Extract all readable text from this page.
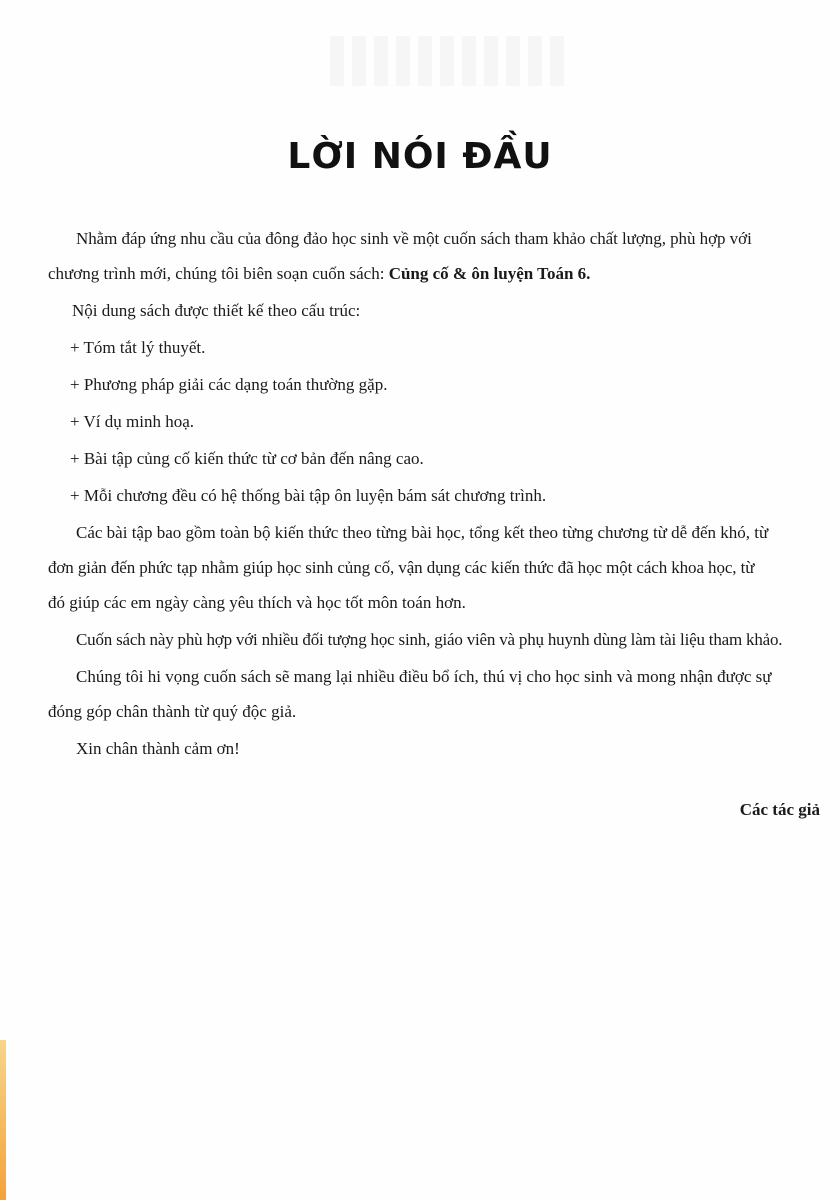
LỜI NÓI ĐẦU

Nhằm đáp ứng nhu cầu của đông đảo học sinh về một cuốn sách tham khảo chất lượng, phù hợp với

chương trình mới, chúng tôi biên soạn cuốn sách: Củng cố & ôn luyện Toán 6.

Nội dung sách được thiết kế theo cấu trúc:

+ Tóm tắt lý thuyết.

+ Phương pháp giải các dạng toán thường gặp.

+ Ví dụ minh hoạ.

+ Bài tập củng cố kiến thức từ cơ bản đến nâng cao.

+ Mỗi chương đều có hệ thống bài tập ôn luyện bám sát chương trình.

Các bài tập bao gồm toàn bộ kiến thức theo từng bài học, tổng kết theo từng chương từ dễ đến khó, từ

đơn giản đến phức tạp nhằm giúp học sinh củng cố, vận dụng các kiến thức đã học một cách khoa học, từ

đó giúp các em ngày càng yêu thích và học tốt môn toán hơn.

Cuốn sách này phù hợp với nhiều đối tượng học sinh, giáo viên và phụ huynh dùng làm tài liệu tham khảo.

Chúng tôi hi vọng cuốn sách sẽ mang lại nhiều điều bổ ích, thú vị cho học sinh và mong nhận được sự

đóng góp chân thành từ quý độc giả.

Xin chân thành cảm ơn!

Các tác giả
